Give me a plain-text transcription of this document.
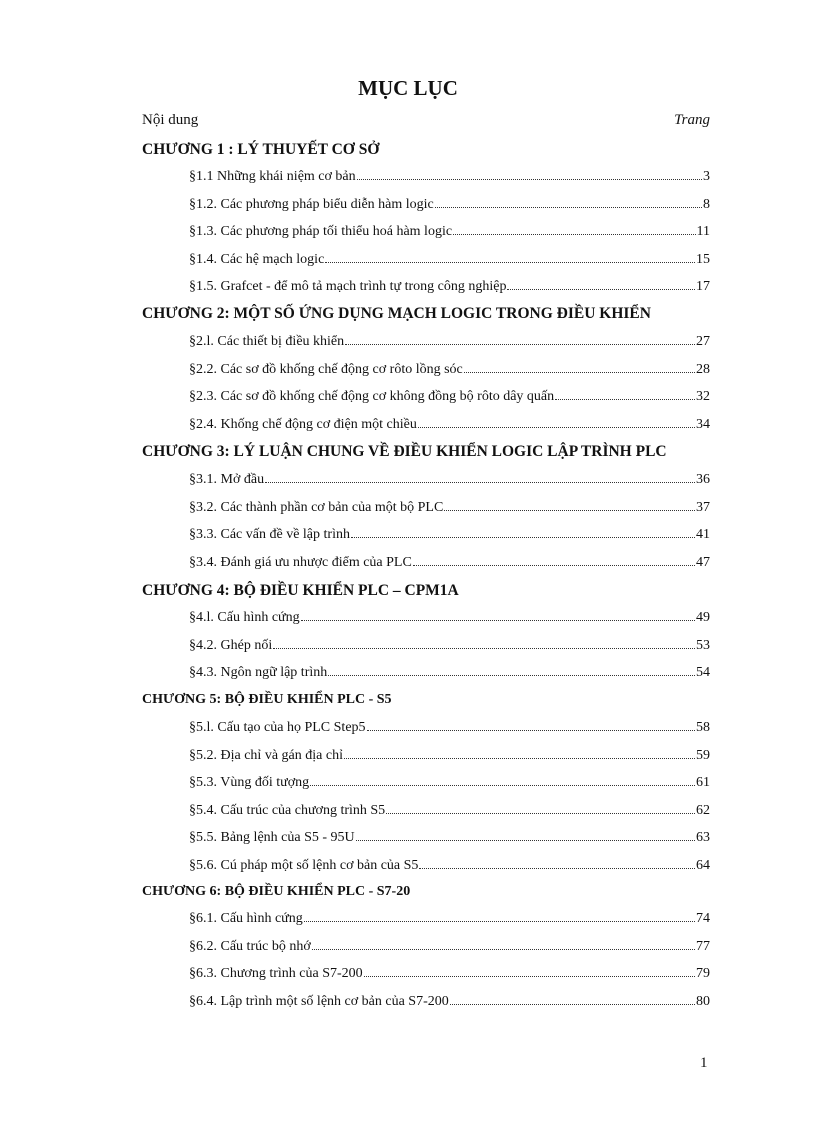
MỤC LỤC
Nội dung	Trang
CHƯƠNG 1 : LÝ THUYẾT CƠ SỞ
§1.1 Những khái niệm cơ bản	3
§1.2. Các phương pháp biểu diễn hàm logic	8
§1.3. Các phương pháp tối thiểu hoá hàm logic	11
§1.4. Các hệ mạch logic	15
§1.5. Grafcet - để mô tả mạch trình tự trong công nghiệp	17
CHƯƠNG 2: MỘT SỐ ỨNG DỤNG MẠCH LOGIC TRONG ĐIỀU KHIỂN
§2.l. Các thiết bị điều khiển	27
§2.2. Các sơ đồ khống chế động cơ rôto lồng sóc	28
§2.3. Các sơ đồ khống chế động cơ không đồng bộ rôto dây quấn	32
§2.4. Khống chế động cơ điện một chiều	34
CHƯƠNG 3: LÝ LUẬN CHUNG VỀ ĐIỀU KHIỂN LOGIC LẬP TRÌNH PLC
§3.1. Mở đầu	36
§3.2. Các thành phần cơ bản của một bộ PLC	37
§3.3. Các vấn đề về lập trình	41
§3.4. Đánh giá ưu nhược điểm của PLC	47
CHƯƠNG 4: BỘ ĐIỀU KHIỂN PLC – CPM1A
§4.l. Cấu hình cứng	49
§4.2. Ghép nối	53
§4.3. Ngôn ngữ lập trình	54
CHƯƠNG 5: BỘ ĐIỀU KHIỂN PLC - S5
§5.l. Cấu tạo của họ PLC Step5	58
§5.2. Địa chỉ và gán địa chỉ	59
§5.3. Vùng đối tượng	61
§5.4. Cấu trúc của chương trình S5	62
§5.5. Bảng lệnh của S5 - 95U	63
§5.6. Cú pháp một số lệnh cơ bản của S5	64
CHƯƠNG 6: BỘ ĐIỀU KHIỂN PLC - S7-20
§6.1. Cấu hình cứng	74
§6.2. Cấu trúc bộ nhớ	77
§6.3. Chương trình của S7-200	79
§6.4. Lập trình một số lệnh cơ bản của S7-200	80
1
